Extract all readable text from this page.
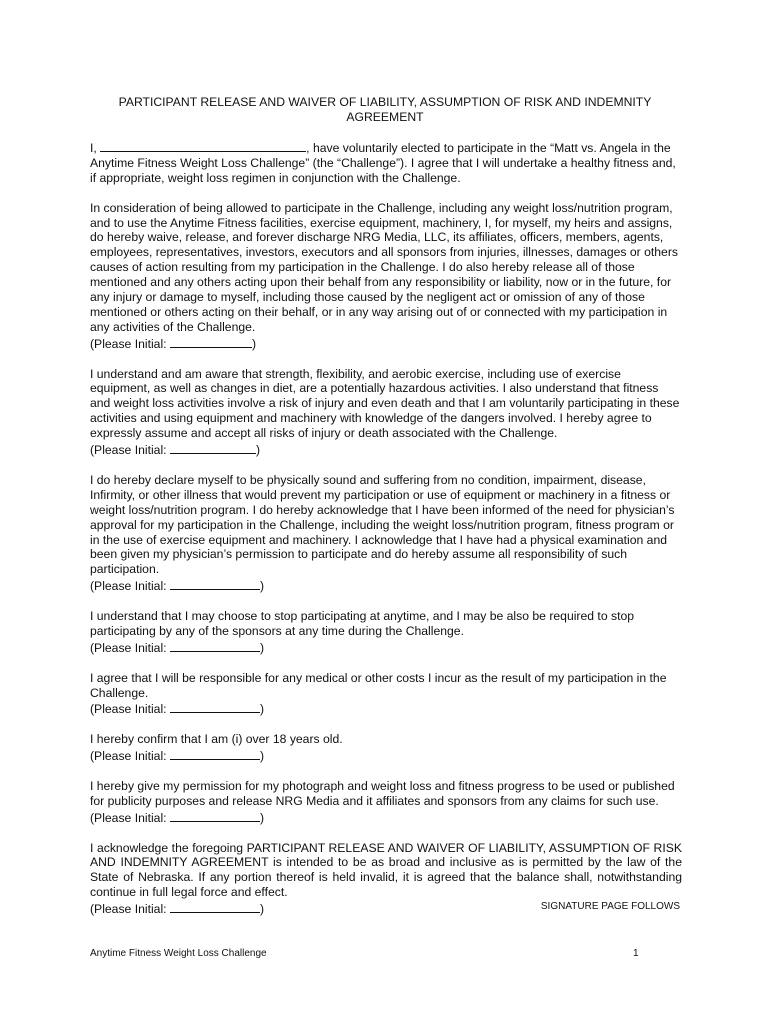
PARTICIPANT RELEASE AND WAIVER OF LIABILITY, ASSUMPTION OF RISK AND INDEMNITY AGREEMENT

I,	, have voluntarily elected to participate in the “Matt vs. Angela in the Anytime Fitness Weight Loss Challenge” (the “Challenge”). I agree that I will undertake a healthy fitness and, if appropriate, weight loss regimen in conjunction with the Challenge.

In consideration of being allowed to participate in the Challenge, including any weight loss/nutrition program, and to use the Anytime Fitness facilities, exercise equipment, machinery, I, for myself, my heirs and assigns, do hereby waive, release, and forever discharge NRG Media, LLC, its affiliates, officers, members, agents, employees, representatives, investors, executors and all sponsors from injuries, illnesses, damages or others causes of action resulting from my participation in the Challenge. I do also hereby release all of those mentioned and any others acting upon their behalf from any responsibility or liability, now or in the future, for any injury or damage to myself, including those caused by the negligent act or omission of any of those mentioned or others acting on their behalf, or in any way arising out of or connected with my participation in any activities of the Challenge.
(Please Initial:	)

I understand and am aware that strength, flexibility, and aerobic exercise, including use of exercise equipment, as well as changes in diet, are a potentially hazardous activities. I also understand that fitness and weight loss activities involve a risk of injury and even death and that I am voluntarily participating in these activities and using equipment and machinery with knowledge of the dangers involved. I hereby agree to expressly assume and accept all risks of injury or death associated with the Challenge.
(Please Initial:	)

I do hereby declare myself to be physically sound and suffering from no condition, impairment, disease, Infirmity, or other illness that would prevent my participation or use of equipment or machinery in a fitness or weight loss/nutrition program. I do hereby acknowledge that I have been informed of the need for physician’s approval for my participation in the Challenge, including the weight loss/nutrition program, fitness program or in the use of exercise equipment and machinery. I acknowledge that I have had a physical examination and been given my physician’s permission to participate and do hereby assume all responsibility of such participation.
(Please Initial:	)

I understand that I may choose to stop participating at anytime, and I may be also be required to stop participating by any of the sponsors at any time during the Challenge.
(Please Initial:	)

I agree that I will be responsible for any medical or other costs I incur as the result of my participation in the Challenge.
(Please Initial:	)

I hereby confirm that I am (i) over 18 years old.
(Please Initial:	)

I hereby give my permission for my photograph and weight loss and fitness progress to be used or published for publicity purposes and release NRG Media and it affiliates and sponsors from any claims for such use.
(Please Initial:	)

I acknowledge the foregoing PARTICIPANT RELEASE AND WAIVER OF LIABILITY, ASSUMPTION OF RISK AND INDEMNITY AGREEMENT is intended to be as broad and inclusive as is permitted by the law of the State of Nebraska. If any portion thereof is held invalid, it is agreed that the balance shall, notwithstanding continue in full legal force and effect.
(Please Initial:	)	SIGNATURE PAGE FOLLOWS

Anytime Fitness Weight Loss Challenge	1
